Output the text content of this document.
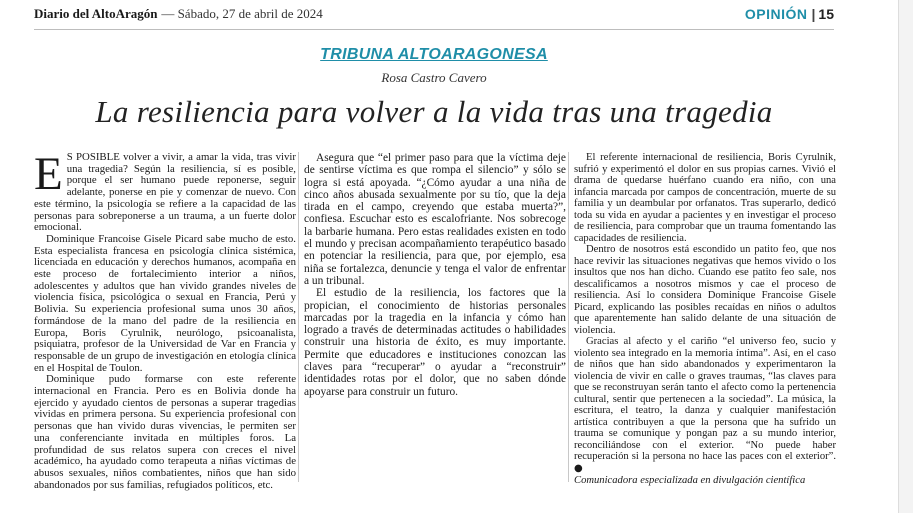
Diario del AltoAragón — Sábado, 27 de abril de 2024	OPINIÓN | 15
TRIBUNA ALTOARAGONESA
Rosa Castro Cavero
La resiliencia para volver a la vida tras una tragedia

E S POSIBLE volver a vivir, a amar la vida, tras vivir una tragedia? Según la resiliencia, sí es posible, porque el ser humano puede reponerse, seguir adelante, ponerse en pie y comenzar de nuevo. Con este término, la psicología se refiere a la capacidad de las personas para sobreponerse a un trauma, a un fuerte dolor emocional.

Dominique Francoise Gisele Picard sabe mucho de esto. Esta especialista francesa en psicología clínica sistémica, licenciada en educación y derechos humanos, acompaña en este proceso de fortalecimiento interior a niños, adolescentes y adultos que han vivido grandes niveles de violencia física, psicológica o sexual en Francia, Perú y Bolivia. Su experiencia profesional suma unos 30 años, formándose de la mano del padre de la resiliencia en Europa, Boris Cyrulnik, neurólogo, psicoanalista, psiquiatra, profesor de la Universidad de Var en Francia y responsable de un grupo de investigación en etología clínica en el Hospital de Toulon.

Dominique pudo formarse con este referente internacional en Francia. Pero es en Bolivia donde ha ejercido y ayudado cientos de personas a superar tragedias vividas en primera persona. Su experiencia profesional con personas que han vivido duras vivencias, le permiten ser una conferenciante invitada en múltiples foros. La profundidad de sus relatos supera con creces el nivel académico, ha ayudado como terapeuta a niñas víctimas de abusos sexuales, niños combatientes, niños que han sido abandonados por sus familias, refugiados políticos, etc.

Asegura que “el primer paso para que la víctima deje de sentirse víctima es que rompa el silencio” y sólo se logra si está apoyada. “¿Cómo ayudar a una niña de cinco años abusada sexualmente por su tío, que la deja tirada en el campo, creyendo que estaba muerta?”, confiesa. Escuchar esto es escalofriante. Nos sobrecoge la barbarie humana. Pero estas realidades existen en todo el mundo y precisan acompañamiento terapéutico basado en potenciar la resiliencia, para que, por ejemplo, esa niña se fortalezca, denuncie y tenga el valor de enfrentar a un tribunal.

El estudio de la resiliencia, los factores que la propician, el conocimiento de historias personales marcadas por la tragedia en la infancia y cómo han logrado a través de determinadas actitudes o habilidades construir una historia de éxito, es muy importante. Permite que educadores e instituciones conozcan las claves para “recuperar” o ayudar a “reconstruir” identidades rotas por el dolor, que no saben dónde apoyarse para construir un futuro.

El referente internacional de resiliencia, Boris Cyrulnik, sufrió y experimentó el dolor en sus propias carnes. Vivió el drama de quedarse huérfano cuando era niño, con una infancia marcada por campos de concentración, muerte de su familia y un deambular por orfanatos. Tras superarlo, dedicó toda su vida en ayudar a pacientes y en investigar el proceso de resiliencia, para comprobar que un trauma fomentando las capacidades de resiliencia.

Dentro de nosotros está escondido un patito feo, que nos hace revivir las situaciones negativas que hemos vivido o los insultos que nos han dicho. Cuando ese patito feo sale, nos descalificamos a nosotros mismos y cae el proceso de resiliencia. Así lo considera Dominique Francoise Gisele Picard, explicando las posibles recaídas en niños o adultos que aparentemente han salido delante de una situación de violencia.

Gracias al afecto y el cariño “el universo feo, sucio y violento sea integrado en la memoria íntima”. Así, en el caso de niños que han sido abandonados y experimentaron la violencia de vivir en calle o graves traumas, “las claves para que se reconstruyan serán tanto el afecto como la pertenencia cultural, sentir que pertenecen a la sociedad”. La música, la escritura, el teatro, la danza y cualquier manifestación artística contribuyen a que la persona que ha sufrido un trauma se comunique y pongan paz a su mundo interior, reconciliándose con el exterior. “No puede haber recuperación si la persona no hace las paces con el exterior”. ●

Comunicadora especializada en divulgación científica
